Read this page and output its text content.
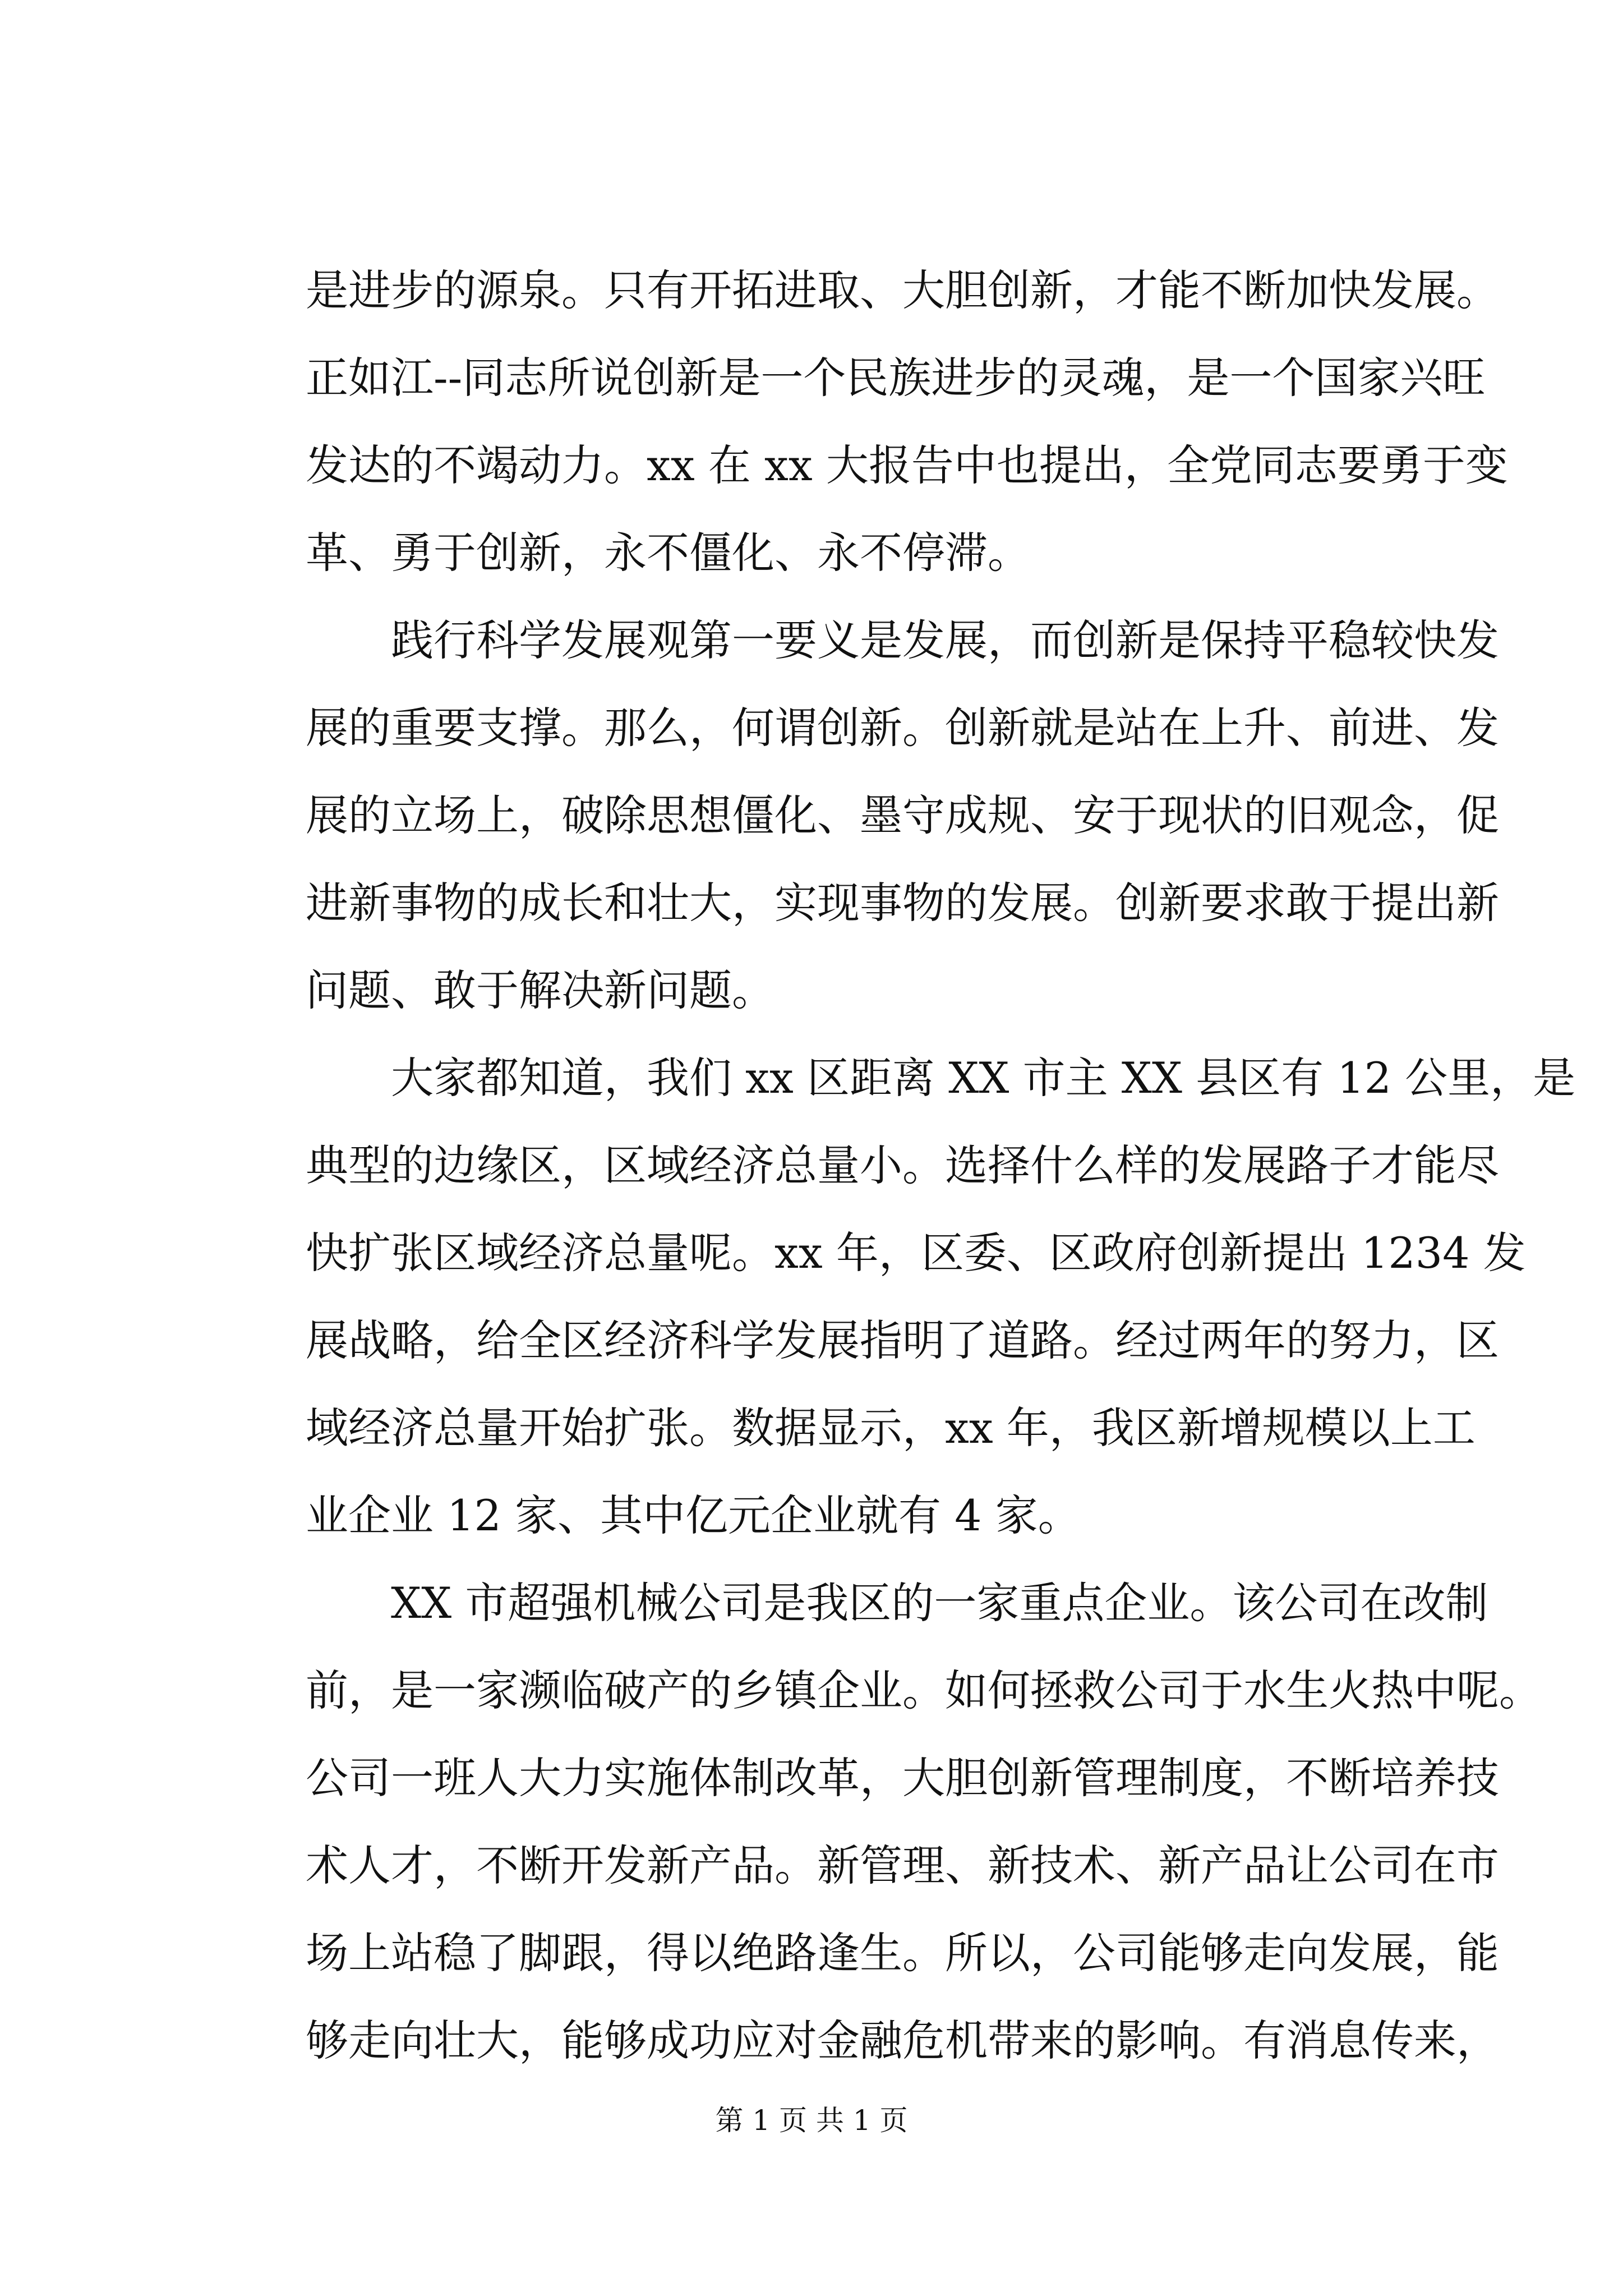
是进步的源泉。只有开拓进取、大胆创新，才能不断加快发展。
正如江--同志所说创新是一个民族进步的灵魂，是一个国家兴旺
发达的不竭动力。xx 在 xx 大报告中也提出，全党同志要勇于变
革、勇于创新，永不僵化、永不停滞。
　　践行科学发展观第一要义是发展，而创新是保持平稳较快发
展的重要支撑。那么，何谓创新。创新就是站在上升、前进、发
展的立场上，破除思想僵化、墨守成规、安于现状的旧观念，促
进新事物的成长和壮大，实现事物的发展。创新要求敢于提出新
问题、敢于解决新问题。
　　大家都知道，我们 xx 区距离 XX 市主 XX 县区有 12 公里，是
典型的边缘区，区域经济总量小。选择什么样的发展路子才能尽
快扩张区域经济总量呢。xx 年，区委、区政府创新提出 1234 发
展战略，给全区经济科学发展指明了道路。经过两年的努力，区
域经济总量开始扩张。数据显示，xx 年，我区新增规模以上工
业企业 12 家、其中亿元企业就有 4 家。
　　XX 市超强机械公司是我区的一家重点企业。该公司在改制
前，是一家濒临破产的乡镇企业。如何拯救公司于水生火热中呢。
公司一班人大力实施体制改革，大胆创新管理制度，不断培养技
术人才，不断开发新产品。新管理、新技术、新产品让公司在市
场上站稳了脚跟，得以绝路逢生。所以，公司能够走向发展，能
够走向壮大，能够成功应对金融危机带来的影响。有消息传来，
第 1 页 共 1 页
